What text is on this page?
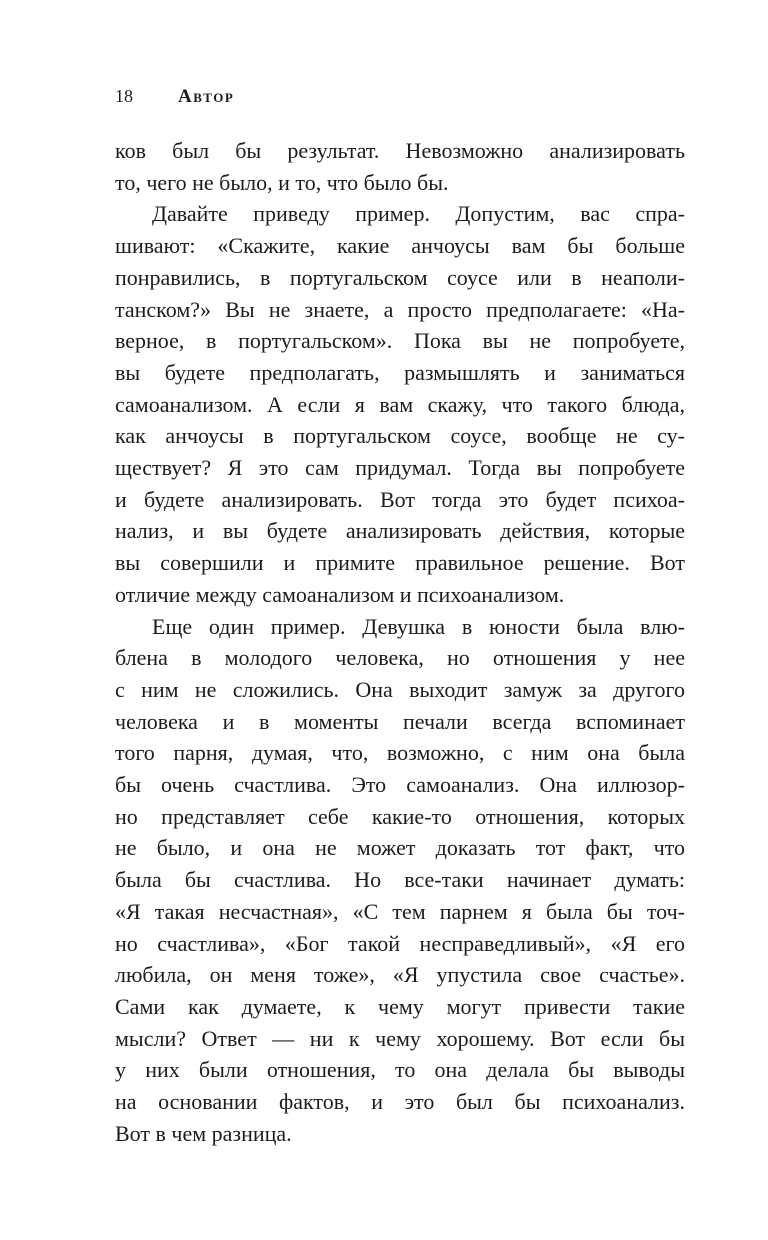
18 Автор
ков был бы результат. Невозможно анализировать
то, чего не было, и то, что было бы.
Давайте приведу пример. Допустим, вас спра-
шивают: «Скажите, какие анчоусы вам бы больше
понравились, в португальском соусе или в неаполи-
танском?» Вы не знаете, а просто предполагаете: «На-
верное, в португальском». Пока вы не попробуете,
вы будете предполагать, размышлять и заниматься
самоанализом. А если я вам скажу, что такого блюда,
как анчоусы в португальском соусе, вообще не су-
ществует? Я это сам придумал. Тогда вы попробуете
и будете анализировать. Вот тогда это будет психоа-
нализ, и вы будете анализировать действия, которые
вы совершили и примите правильное решение. Вот
отличие между самоанализом и психоанализом.
Еще один пример. Девушка в юности была влю-
блена в молодого человека, но отношения у нее
с ним не сложились. Она выходит замуж за другого
человека и в моменты печали всегда вспоминает
того парня, думая, что, возможно, с ним она была
бы очень счастлива. Это самоанализ. Она иллюзор-
но представляет себе какие-то отношения, которых
не было, и она не может доказать тот факт, что
была бы счастлива. Но все-таки начинает думать:
«Я такая несчастная», «С тем парнем я была бы точ-
но счастлива», «Бог такой несправедливый», «Я его
любила, он меня тоже», «Я упустила свое счастье».
Сами как думаете, к чему могут привести такие
мысли? Ответ — ни к чему хорошему. Вот если бы
у них были отношения, то она делала бы выводы
на основании фактов, и это был бы психоанализ.
Вот в чем разница.
